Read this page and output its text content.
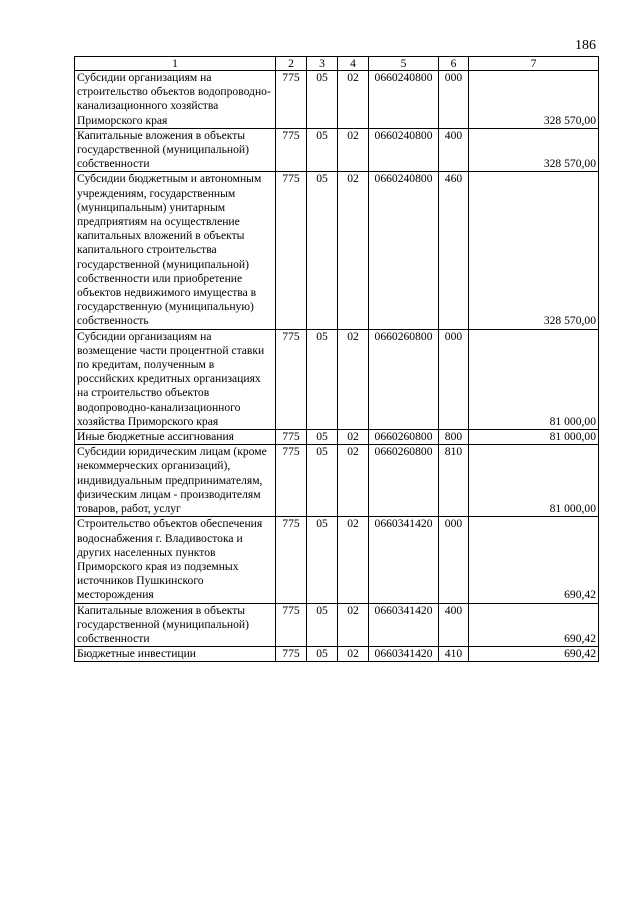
186
1	2	3	4	5	6	7
Субсидии организациям на строительство объектов водопроводно-канализационного хозяйства Приморского края	775	05	02	0660240800	000	328 570,00
Капитальные вложения в объекты государственной (муниципальной) собственности	775	05	02	0660240800	400	328 570,00
Субсидии бюджетным и автономным учреждениям, государственным (муниципальным) унитарным предприятиям на осуществление капитальных вложений в объекты капитального строительства государственной (муниципальной) собственности или приобретение объектов недвижимого имущества в государственную (муниципальную) собственность	775	05	02	0660240800	460	328 570,00
Субсидии организациям на возмещение части процентной ставки по кредитам, полученным в российских кредитных организациях на строительство объектов водопроводно-канализационного хозяйства Приморского края	775	05	02	0660260800	000	81 000,00
Иные бюджетные ассигнования	775	05	02	0660260800	800	81 000,00
Субсидии юридическим лицам (кроме некоммерческих организаций), индивидуальным предпринимателям, физическим лицам - производителям товаров, работ, услуг	775	05	02	0660260800	810	81 000,00
Строительство объектов обеспечения водоснабжения г. Владивостока и других населенных пунктов Приморского края из подземных источников Пушкинского месторождения	775	05	02	0660341420	000	690,42
Капитальные вложения в объекты государственной (муниципальной) собственности	775	05	02	0660341420	400	690,42
Бюджетные инвестиции	775	05	02	0660341420	410	690,42
